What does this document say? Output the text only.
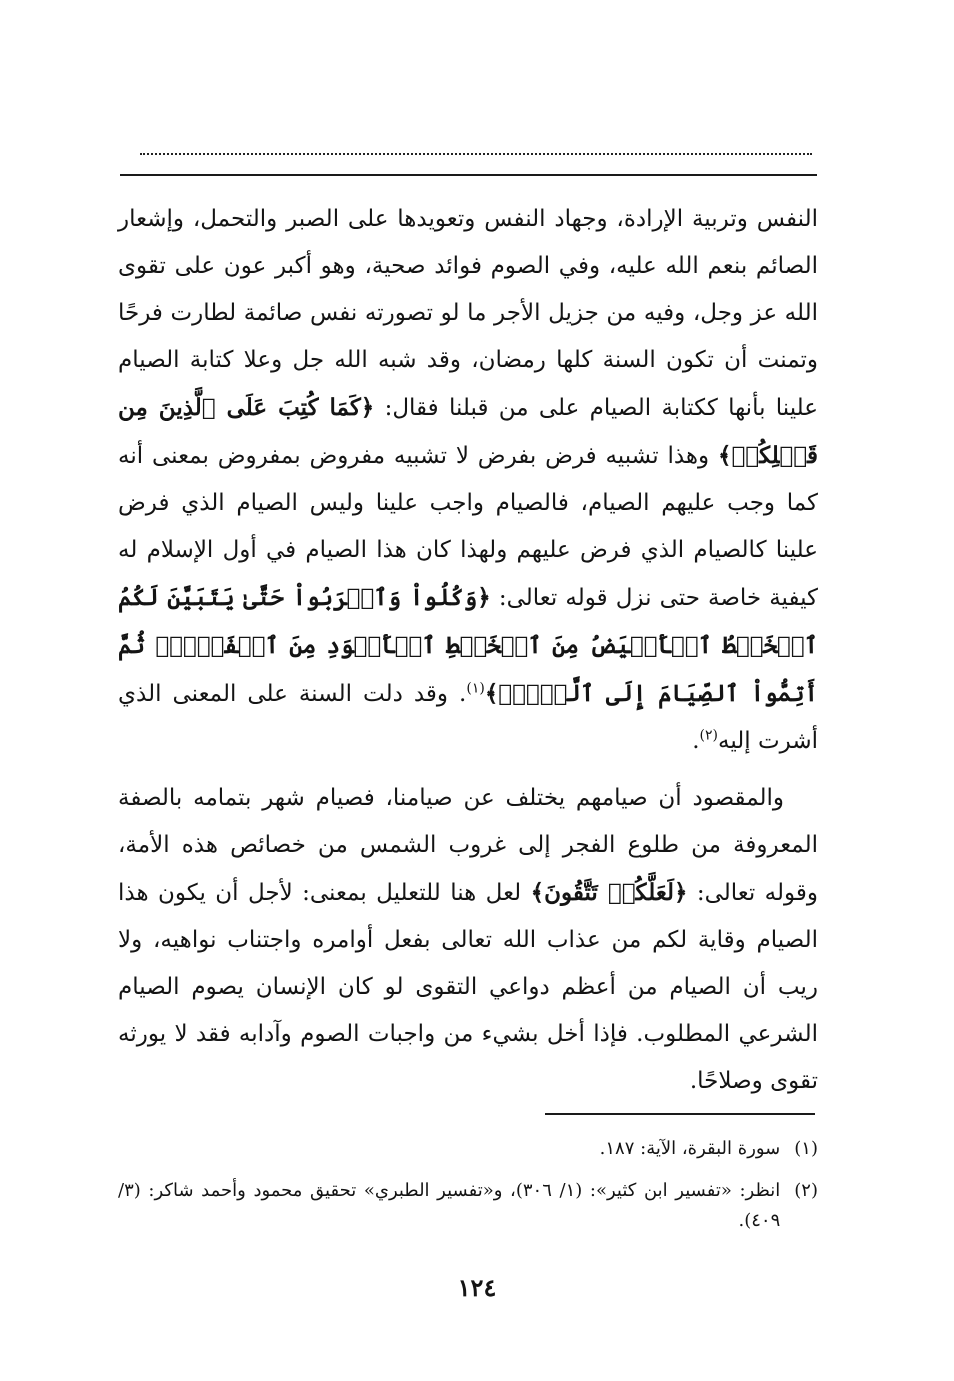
النفس وتربية الإرادة، وجهاد النفس وتعويدها على الصبر والتحمل، وإشعار الصائم بنعم الله عليه، وفي الصوم فوائد صحية، وهو أكبر عون على تقوى الله عز وجل، وفيه من جزيل الأجر ما لو تصورته نفس صائمة لطارت فرحًا وتمنت أن تكون السنة كلها رمضان، وقد شبه الله جل وعلا كتابة الصيام علينا بأنها ككتابة الصيام على من قبلنا فقال: ﴿كَمَا كُتِبَ عَلَى ٱلَّذِينَ مِن قَبۡلِكُمۡ﴾ وهذا تشبيه فرض بفرض لا تشبيه مفروض بمفروض بمعنى أنه كما وجب عليهم الصيام، فالصيام واجب علينا وليس الصيام الذي فرض علينا كالصيام الذي فرض عليهم ولهذا كان هذا الصيام في أول الإسلام له كيفية خاصة حتى نزل قوله تعالى: ﴿وَكُلُواْ وَٱشۡرَبُواْ حَتَّىٰ يَتَبَيَّنَ لَكُمُ ٱلۡخَيۡطُ ٱلۡأَبۡيَضُ مِنَ ٱلۡخَيۡطِ ٱلۡأَسۡوَدِ مِنَ ٱلۡفَجۡرِۖ ثُمَّ أَتِمُّواْ ٱلصِّيَامَ إِلَى ٱلَّيۡلِۚ﴾$^{(١)}$. وقد دلت السنة على المعنى الذي أشرت إليه$^{(٢)}$.

والمقصود أن صيامهم يختلف عن صيامنا، فصيام شهر بتمامه بالصفة المعروفة من طلوع الفجر إلى غروب الشمس من خصائص هذه الأمة، وقوله تعالى: ﴿لَعَلَّكُمۡ تَتَّقُونَ﴾ لعل هنا للتعليل بمعنى: لأجل أن يكون هذا الصيام وقاية لكم من عذاب الله تعالى بفعل أوامره واجتناب نواهيه، ولا ريب أن الصيام من أعظم دواعي التقوى لو كان الإنسان يصوم الصيام الشرعي المطلوب. فإذا أخل بشيء من واجبات الصوم وآدابه فقد لا يورثه تقوى وصلاحًا.

(١)
سورة البقرة، الآية: ١٨٧.
(٢)
انظر: «تفسير ابن كثير»: (١/ ٣٠٦)، و«تفسير الطبري» تحقيق محمود وأحمد شاكر: (٣/ ٤٠٩).
١٢٤
